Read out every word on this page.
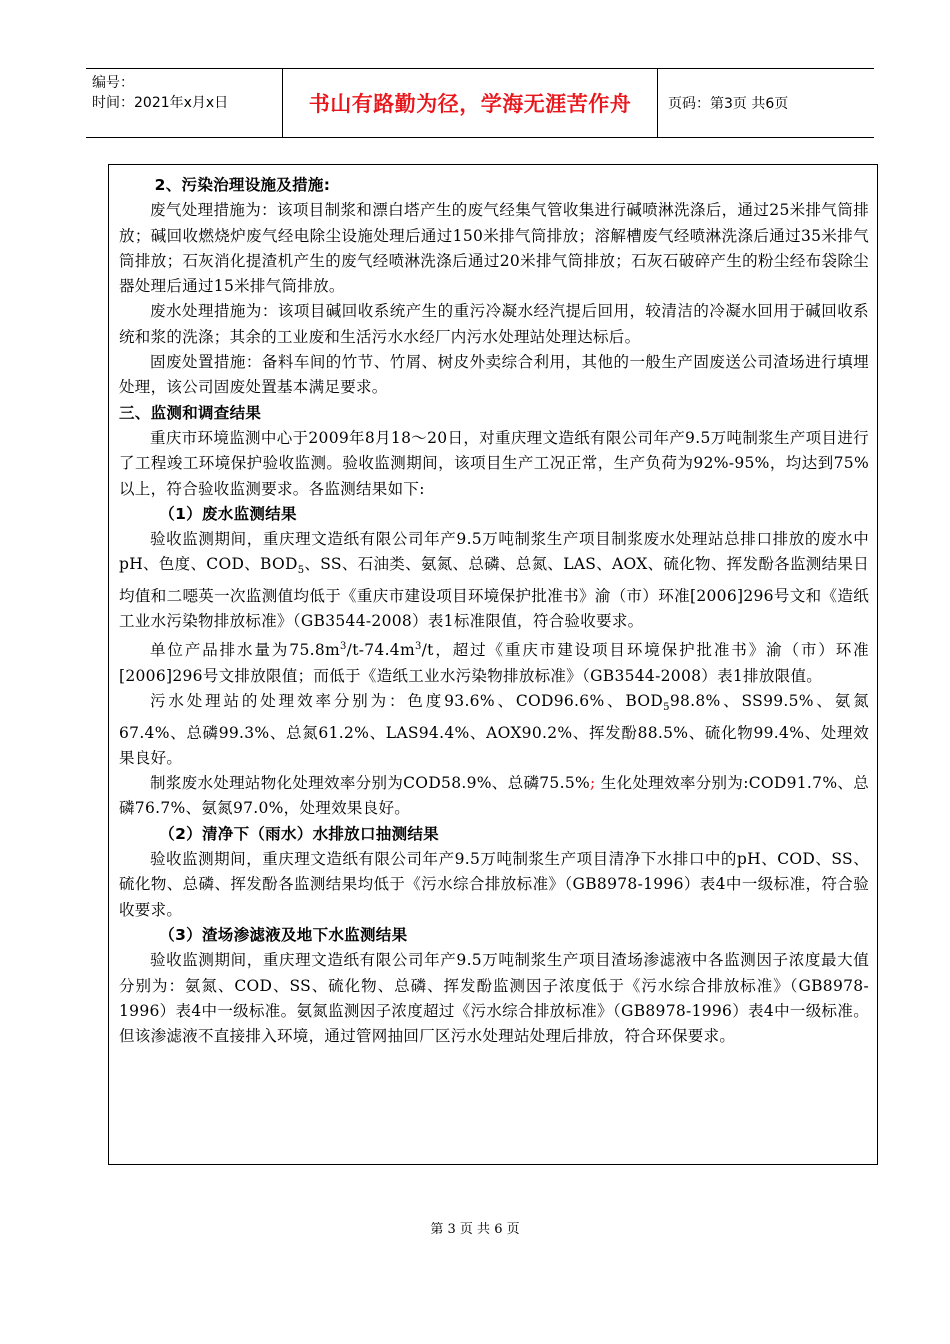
编号：
时间：2021年x月x日	书山有路勤为径，学海无涯苦作舟	页码：第3页 共6页

2、污染治理设施及措施:

废气处理措施为：该项目制浆和漂白塔产生的废气经集气管收集进行碱喷淋洗涤后，通过25米排气筒排放；碱回收燃烧炉废气经电除尘设施处理后通过150米排气筒排放；溶解槽废气经喷淋洗涤后通过35米排气筒排放；石灰消化提渣机产生的废气经喷淋洗涤后通过20米排气筒排放；石灰石破碎产生的粉尘经布袋除尘器处理后通过15米排气筒排放。

废水处理措施为：该项目碱回收系统产生的重污冷凝水经汽提后回用，较清洁的冷凝水回用于碱回收系统和浆的洗涤；其余的工业废和生活污水水经厂内污水处理站处理达标后。

固废处置措施：备料车间的竹节、竹屑、树皮外卖综合利用，其他的一般生产固废送公司渣场进行填埋处理，该公司固废处置基本满足要求。

三、监测和调查结果

重庆市环境监测中心于2009年8月18～20日，对重庆理文造纸有限公司年产9.5万吨制浆生产项目进行了工程竣工环境保护验收监测。验收监测期间，该项目生产工况正常，生产负荷为92%-95%，均达到75%以上，符合验收监测要求。各监测结果如下:

（1）废水监测结果

验收监测期间，重庆理文造纸有限公司年产9.5万吨制浆生产项目制浆废水处理站总排口排放的废水中pH、色度、COD、$BOD_5$、SS、石油类、氨氮、总磷、总氮、LAS、AOX、硫化物、挥发酚各监测结果日均值和二噁英一次监测值均低于《重庆市建设项目环境保护批准书》渝（市）环准[2006]296号文和《造纸工业水污染物排放标准》（GB3544-2008）表1标准限值，符合验收要求。

单位产品排水量为$75.8m^3/t-74.4m^3/t$，超过《重庆市建设项目环境保护批准书》渝（市）环准[2006]296号文排放限值；而低于《造纸工业水污染物排放标准》（GB3544-2008）表1排放限值。

污水处理站的处理效率分别为：色度93.6%、COD96.6%、$BOD_598.8\%$、SS99.5%、氨氮67.4%、总磷99.3%、总氮61.2%、LAS94.4%、AOX90.2%、挥发酚88.5%、硫化物99.4%、处理效果良好。

制浆废水处理站物化处理效率分别为COD58.9%、总磷75.5%; 生化处理效率分别为:COD91.7%、总磷76.7%、氨氮97.0%，处理效果良好。

（2）清净下（雨水）水排放口抽测结果

验收监测期间，重庆理文造纸有限公司年产9.5万吨制浆生产项目清净下水排口中的pH、COD、SS、硫化物、总磷、挥发酚各监测结果均低于《污水综合排放标准》（GB8978-1996）表4中一级标准，符合验收要求。

（3）渣场渗滤液及地下水监测结果

验收监测期间，重庆理文造纸有限公司年产9.5万吨制浆生产项目渣场渗滤液中各监测因子浓度最大值分别为：氨氮、COD、SS、硫化物、总磷、挥发酚监测因子浓度低于《污水综合排放标准》（GB8978-1996）表4中一级标准。氨氮监测因子浓度超过《污水综合排放标准》（GB8978-1996）表4中一级标准。但该渗滤液不直接排入环境，通过管网抽回厂区污水处理站处理后排放，符合环保要求。

第 3 页 共 6 页
